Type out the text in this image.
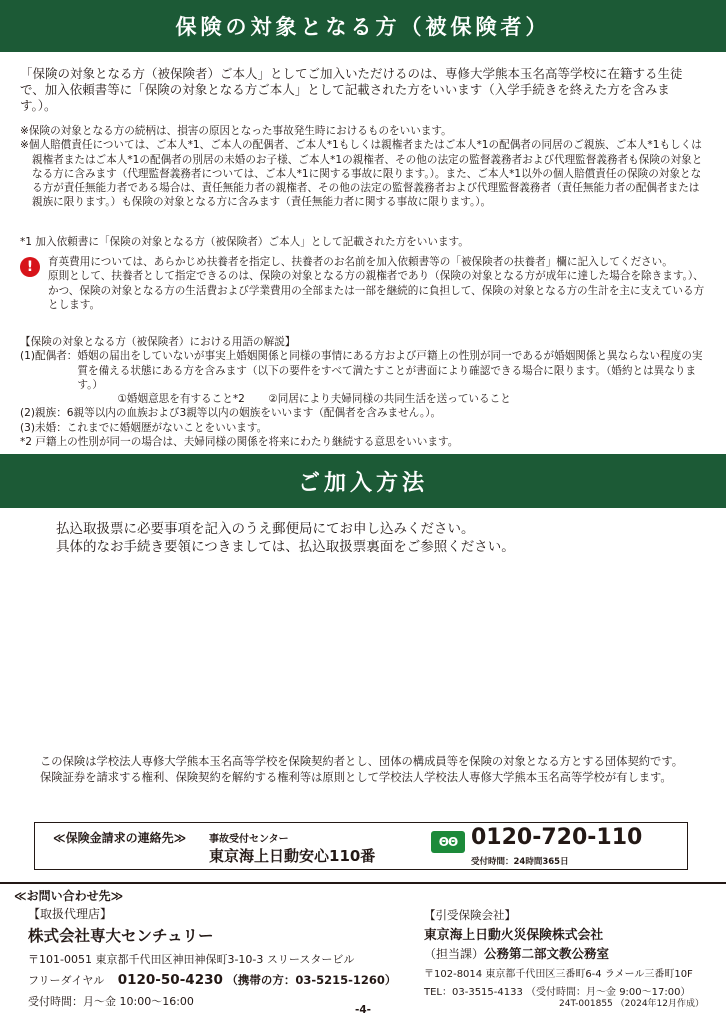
保険の対象となる方（被保険者）
「保険の対象となる方（被保険者）ご本人」としてご加入いただけるのは、専修大学熊本玉名高等学校に在籍する生徒で、加入依頼書等に「保険の対象となる方ご本人」として記載された方をいいます（入学手続きを終えた方を含みます。）。

※保険の対象となる方の続柄は、損害の原因となった事故発生時におけるものをいいます。

※個人賠償責任については、ご本人*1、ご本人の配偶者、ご本人*1もしくは親権者またはご本人*1の配偶者の同居のご親族、ご本人*1もしくは親権者またはご本人*1の配偶者の別居の未婚のお子様、ご本人*1の親権者、その他の法定の監督義務者および代理監督義務者も保険の対象となる方に含みます（代理監督義務者については、ご本人*1に関する事故に限ります。）。また、ご本人*1以外の個人賠償責任の保険の対象となる方が責任無能力者である場合は、責任無能力者の親権者、その他の法定の監督義務者および代理監督義務者（責任無能力者の配偶者または親族に限ります。）も保険の対象となる方に含みます（責任無能力者に関する事故に限ります。）。

*1 加入依頼書に「保険の対象となる方（被保険者）ご本人」として記載された方をいいます。
!	育英費用については、あらかじめ扶養者を指定し、扶養者のお名前を加入依頼書等の「被保険者の扶養者」欄に記入してください。

原則として、扶養者として指定できるのは、保険の対象となる方の親権者であり（保険の対象となる方が成年に達した場合を除きます。）、かつ、保険の対象となる方の生活費および学業費用の全部または一部を継続的に負担して、保険の対象となる方の生計を主に支えている方とします。

【保険の対象となる方（被保険者）における用語の解説】

(1)配偶者： 婚姻の届出をしていないが事実上婚姻関係と同様の事情にある方および戸籍上の性別が同一であるが婚姻関係と異ならない程度の実質を備える状態にある方を含みます（以下の要件をすべて満たすことが書面により確認できる場合に限ります。（婚約とは異なります。）
①婚姻意思を有すること*2 ②同居により夫婦同様の共同生活を送っていること

(2)親族：6親等以内の血族および3親等以内の姻族をいいます（配偶者を含みません。）。

(3)未婚：これまでに婚姻歴がないことをいいます。

*2 戸籍上の性別が同一の場合は、夫婦同様の関係を将来にわたり継続する意思をいいます。

ご加入方法
払込取扱票に必要事項を記入のうえ郵便局にてお申し込みください。
具体的なお手続き要領につきましては、払込取扱票裏面をご参照ください。
この保険は学校法人専修大学熊本玉名高等学校を保険契約者とし、団体の構成員等を保険の対象となる方とする団体契約です。
保険証券を請求する権利、保険契約を解約する権利等は原則として学校法人学校法人専修大学熊本玉名高等学校が有します。
≪保険金請求の連絡先≫ 事故受付センター
東京海上日動安心110番
ΘΘ 0120-720-110
受付時間：24時間365日
≪お問い合わせ先≫
【取扱代理店】
株式会社専大センチュリー
〒101-0051 東京都千代田区神田神保町3-10-3 スリースタービル
フリーダイヤル 0120-50-4230 （携帯の方：03-5215-1260）
受付時間：月～金 10:00～16:00
【引受保険会社】
東京海上日動火災保険株式会社
（担当課）公務第二部文教公務室
〒102-8014 東京都千代田区三番町6-4 ラメール三番町10F
TEL：03-3515-4133 （受付時間：月～金 9:00～17:00）
-4-	24T-001855 （2024年12月作成）
